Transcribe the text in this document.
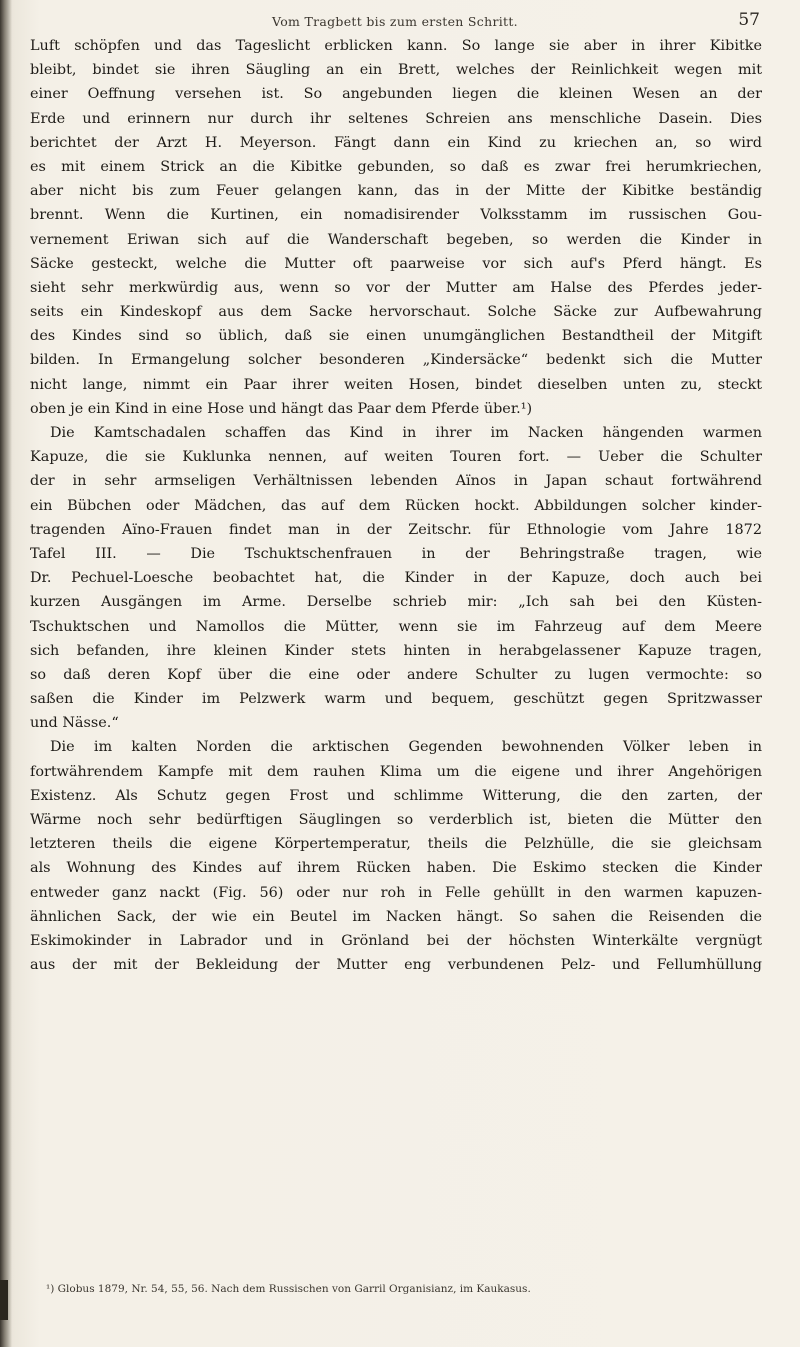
Vom Tragbett bis zum ersten Schritt.	57
Luft schöpfen und das Tageslicht erblicken kann. So lange sie aber in ihrer Kibitke
bleibt, bindet sie ihren Säugling an ein Brett, welches der Reinlichkeit wegen mit
einer Oeffnung versehen ist. So angebunden liegen die kleinen Wesen an der
Erde und erinnern nur durch ihr seltenes Schreien ans menschliche Dasein. Dies
berichtet der Arzt H. Meyerson. Fängt dann ein Kind zu kriechen an, so wird
es mit einem Strick an die Kibitke gebunden, so daß es zwar frei herumkriechen,
aber nicht bis zum Feuer gelangen kann, das in der Mitte der Kibitke beständig
brennt. Wenn die Kurtinen, ein nomadisirender Volksstamm im russischen Gou-
vernement Eriwan sich auf die Wanderschaft begeben, so werden die Kinder in
Säcke gesteckt, welche die Mutter oft paarweise vor sich auf's Pferd hängt. Es
sieht sehr merkwürdig aus, wenn so vor der Mutter am Halse des Pferdes jeder-
seits ein Kindeskopf aus dem Sacke hervorschaut. Solche Säcke zur Aufbewahrung
des Kindes sind so üblich, daß sie einen unumgänglichen Bestandtheil der Mitgift
bilden. In Ermangelung solcher besonderen „Kindersäcke“ bedenkt sich die Mutter
nicht lange, nimmt ein Paar ihrer weiten Hosen, bindet dieselben unten zu, steckt
oben je ein Kind in eine Hose und hängt das Paar dem Pferde über.¹)
Die Kamtschadalen schaffen das Kind in ihrer im Nacken hängenden warmen
Kapuze, die sie Kuklunka nennen, auf weiten Touren fort. — Ueber die Schulter
der in sehr armseligen Verhältnissen lebenden Aïnos in Japan schaut fortwährend
ein Bübchen oder Mädchen, das auf dem Rücken hockt. Abbildungen solcher kinder-
tragenden Aïno-Frauen findet man in der Zeitschr. für Ethnologie vom Jahre 1872
Tafel III. — Die Tschuktschenfrauen in der Behringstraße tragen, wie
Dr. Pechuel-Loesche beobachtet hat, die Kinder in der Kapuze, doch auch bei
kurzen Ausgängen im Arme. Derselbe schrieb mir: „Ich sah bei den Küsten-
Tschuktschen und Namollos die Mütter, wenn sie im Fahrzeug auf dem Meere
sich befanden, ihre kleinen Kinder stets hinten in herabgelassener Kapuze tragen,
so daß deren Kopf über die eine oder andere Schulter zu lugen vermochte: so
saßen die Kinder im Pelzwerk warm und bequem, geschützt gegen Spritzwasser
und Nässe.“
Die im kalten Norden die arktischen Gegenden bewohnenden Völker leben in
fortwährendem Kampfe mit dem rauhen Klima um die eigene und ihrer Angehörigen
Existenz. Als Schutz gegen Frost und schlimme Witterung, die den zarten, der
Wärme noch sehr bedürftigen Säuglingen so verderblich ist, bieten die Mütter den
letzteren theils die eigene Körpertemperatur, theils die Pelzhülle, die sie gleichsam
als Wohnung des Kindes auf ihrem Rücken haben. Die Eskimo stecken die Kinder
entweder ganz nackt (Fig. 56) oder nur roh in Felle gehüllt in den warmen kapuzen-
ähnlichen Sack, der wie ein Beutel im Nacken hängt. So sahen die Reisenden die
Eskimokinder in Labrador und in Grönland bei der höchsten Winterkälte vergnügt
aus der mit der Bekleidung der Mutter eng verbundenen Pelz- und Fellumhüllung
¹) Globus 1879, Nr. 54, 55, 56. Nach dem Russischen von Garril Organisianz, im Kaukasus.
